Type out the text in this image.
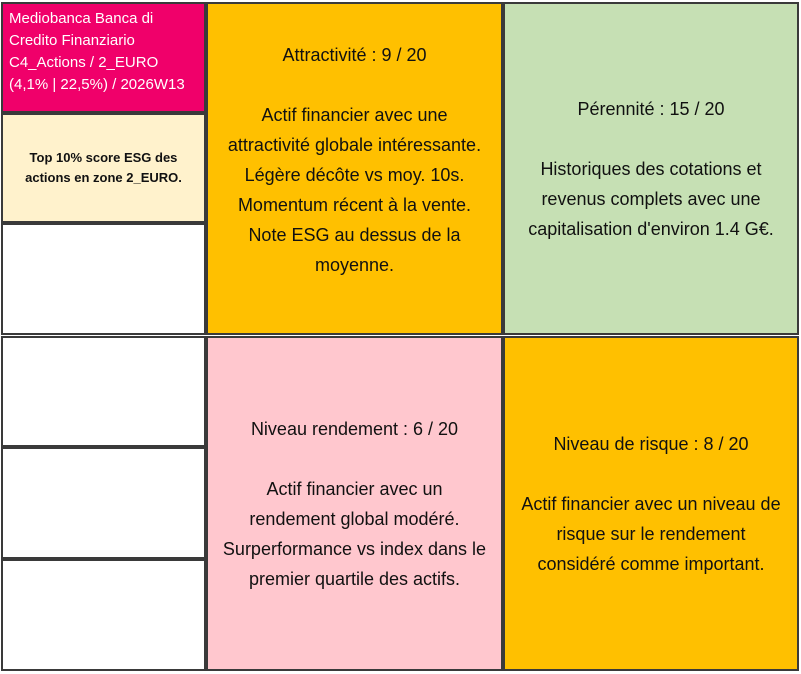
Mediobanca Banca di
Credito Finanziario
C4_Actions / 2_EURO
(4,1% | 22,5%) / 2026W13
Top 10% score ESG des
actions en zone 2_EURO.
Attractivité : 9 / 20
Actif financier avec une
attractivité globale intéressante.
Légère décôte vs moy. 10s.
Momentum récent à la vente.
Note ESG au dessus de la
moyenne.
Pérennité : 15 / 20
Historiques des cotations et
revenus complets avec une
capitalisation d'environ 1.4 G€.
Niveau rendement : 6 / 20
Actif financier avec un
rendement global modéré.
Surperformance vs index dans le
premier quartile des actifs.
Niveau de risque : 8 / 20
Actif financier avec un niveau de
risque sur le rendement
considéré comme important.
